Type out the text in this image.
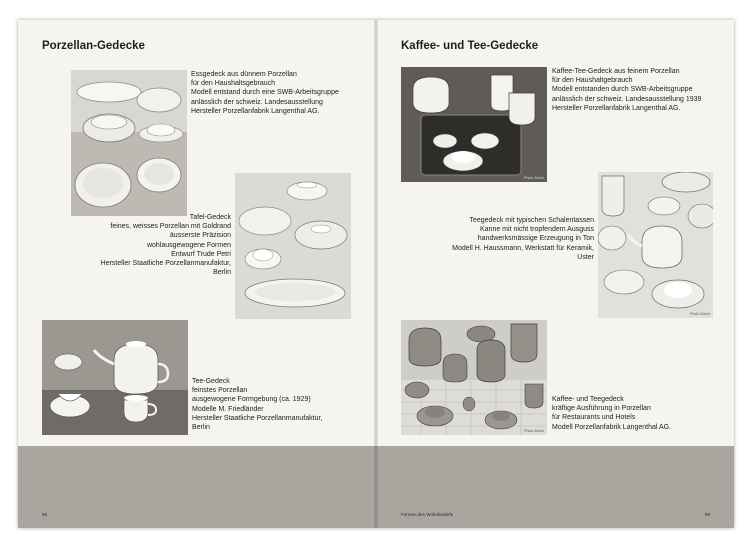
Porzellan-Gedecke
Essgedeck aus dünnem Porzellan
für den Haushaltsgebrauch
Modell entstand durch eine SWB-Arbeitsgruppe
anlässlich der schweiz. Landesausstellung
Hersteller Porzellanfabrik Langenthal AG.
Tafel-Gedeck
feines, weisses Porzellan mit Goldrand
äusserste Präzision
wohlausgewogene Formen
Entwurf Trude Petri
Hersteller Staatliche Porzellanmanufaktur,
Berlin
Tee-Gedeck
feinstes Porzellan
ausgewogene Formgebung (ca. 1929)
Modelle M. Friedländer
Hersteller Staatliche Porzellanmanufaktur,
Berlin
96
Kaffee- und Tee-Gedecke
Photo Zürich
Kaffee-Tee-Gedeck aus feinem Porzellan
für den Haushaltgebrauch
Modell entstanden durch SWB-Arbeitsgruppe
anlässlich der schweiz. Landesausstellung 1939
Hersteller Porzellanfabrik Langenthal AG.
Photo Zürich
Teegedeck mit typischen Schalentassen
Kanne mit nicht tropfendem Ausguss
handwerksmässige Erzeugung in Ton
Modell H. Haussmann, Werkstatt für Keramik,
Uster
Photo Zürich
Kaffee- und Teegedeck
kräftige Ausführung in Porzellan
für Restaurants und Hotels
Modell Porzellanfabrik Langenthal AG.
Formen des Wohnbedarfs	99
